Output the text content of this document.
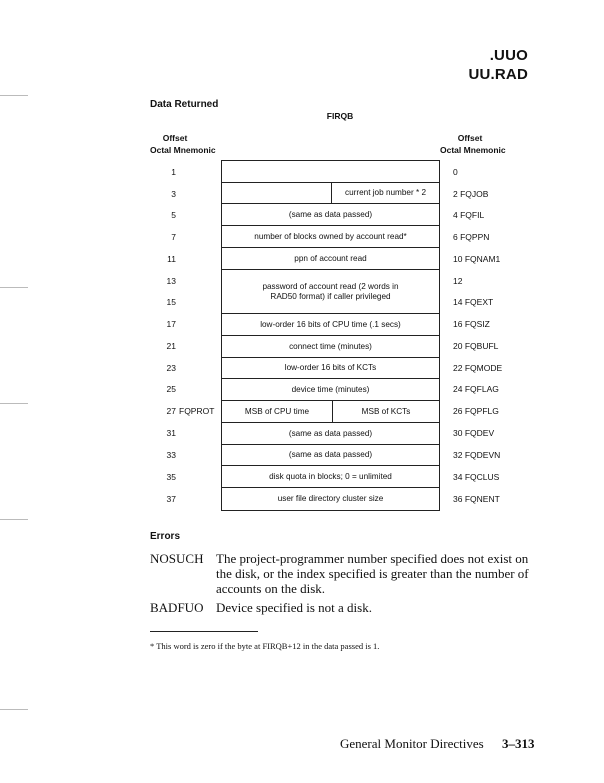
.UUO
UU.RAD
Data Returned
FIRQB
Offset
Octal Mnemonic
Offset
Octal Mnemonic
1
3
5
7
11
13
15
17
21
23
25
27 FQPROT
31
33
35
37
0
2 FQJOB
4 FQFIL
6 FQPPN
10 FQNAM1
12
14 FQEXT
16 FQSIZ
20 FQBUFL
22 FQMODE
24 FQFLAG
26 FQPFLG
30 FQDEV
32 FQDEVN
34 FQCLUS
36 FQNENT
current job number * 2
(same as data passed)
number of blocks owned by account read*
ppn of account read
password of account read (2 words in RAD50 format) if caller privileged
low-order 16 bits of CPU time (.1 secs)
connect time (minutes)
low-order 16 bits of KCTs
device time (minutes)
MSB of CPU time	MSB of KCTs
(same as data passed)
(same as data passed)
disk quota in blocks; 0 = unlimited
user file directory cluster size
Errors
NOSUCH The project-programmer number specified does not exist on the disk, or the index specified is greater than the number of accounts on the disk.
BADFUO Device specified is not a disk.
* This word is zero if the byte at FIRQB+12 in the data passed is 1.
General Monitor Directives 3–313
